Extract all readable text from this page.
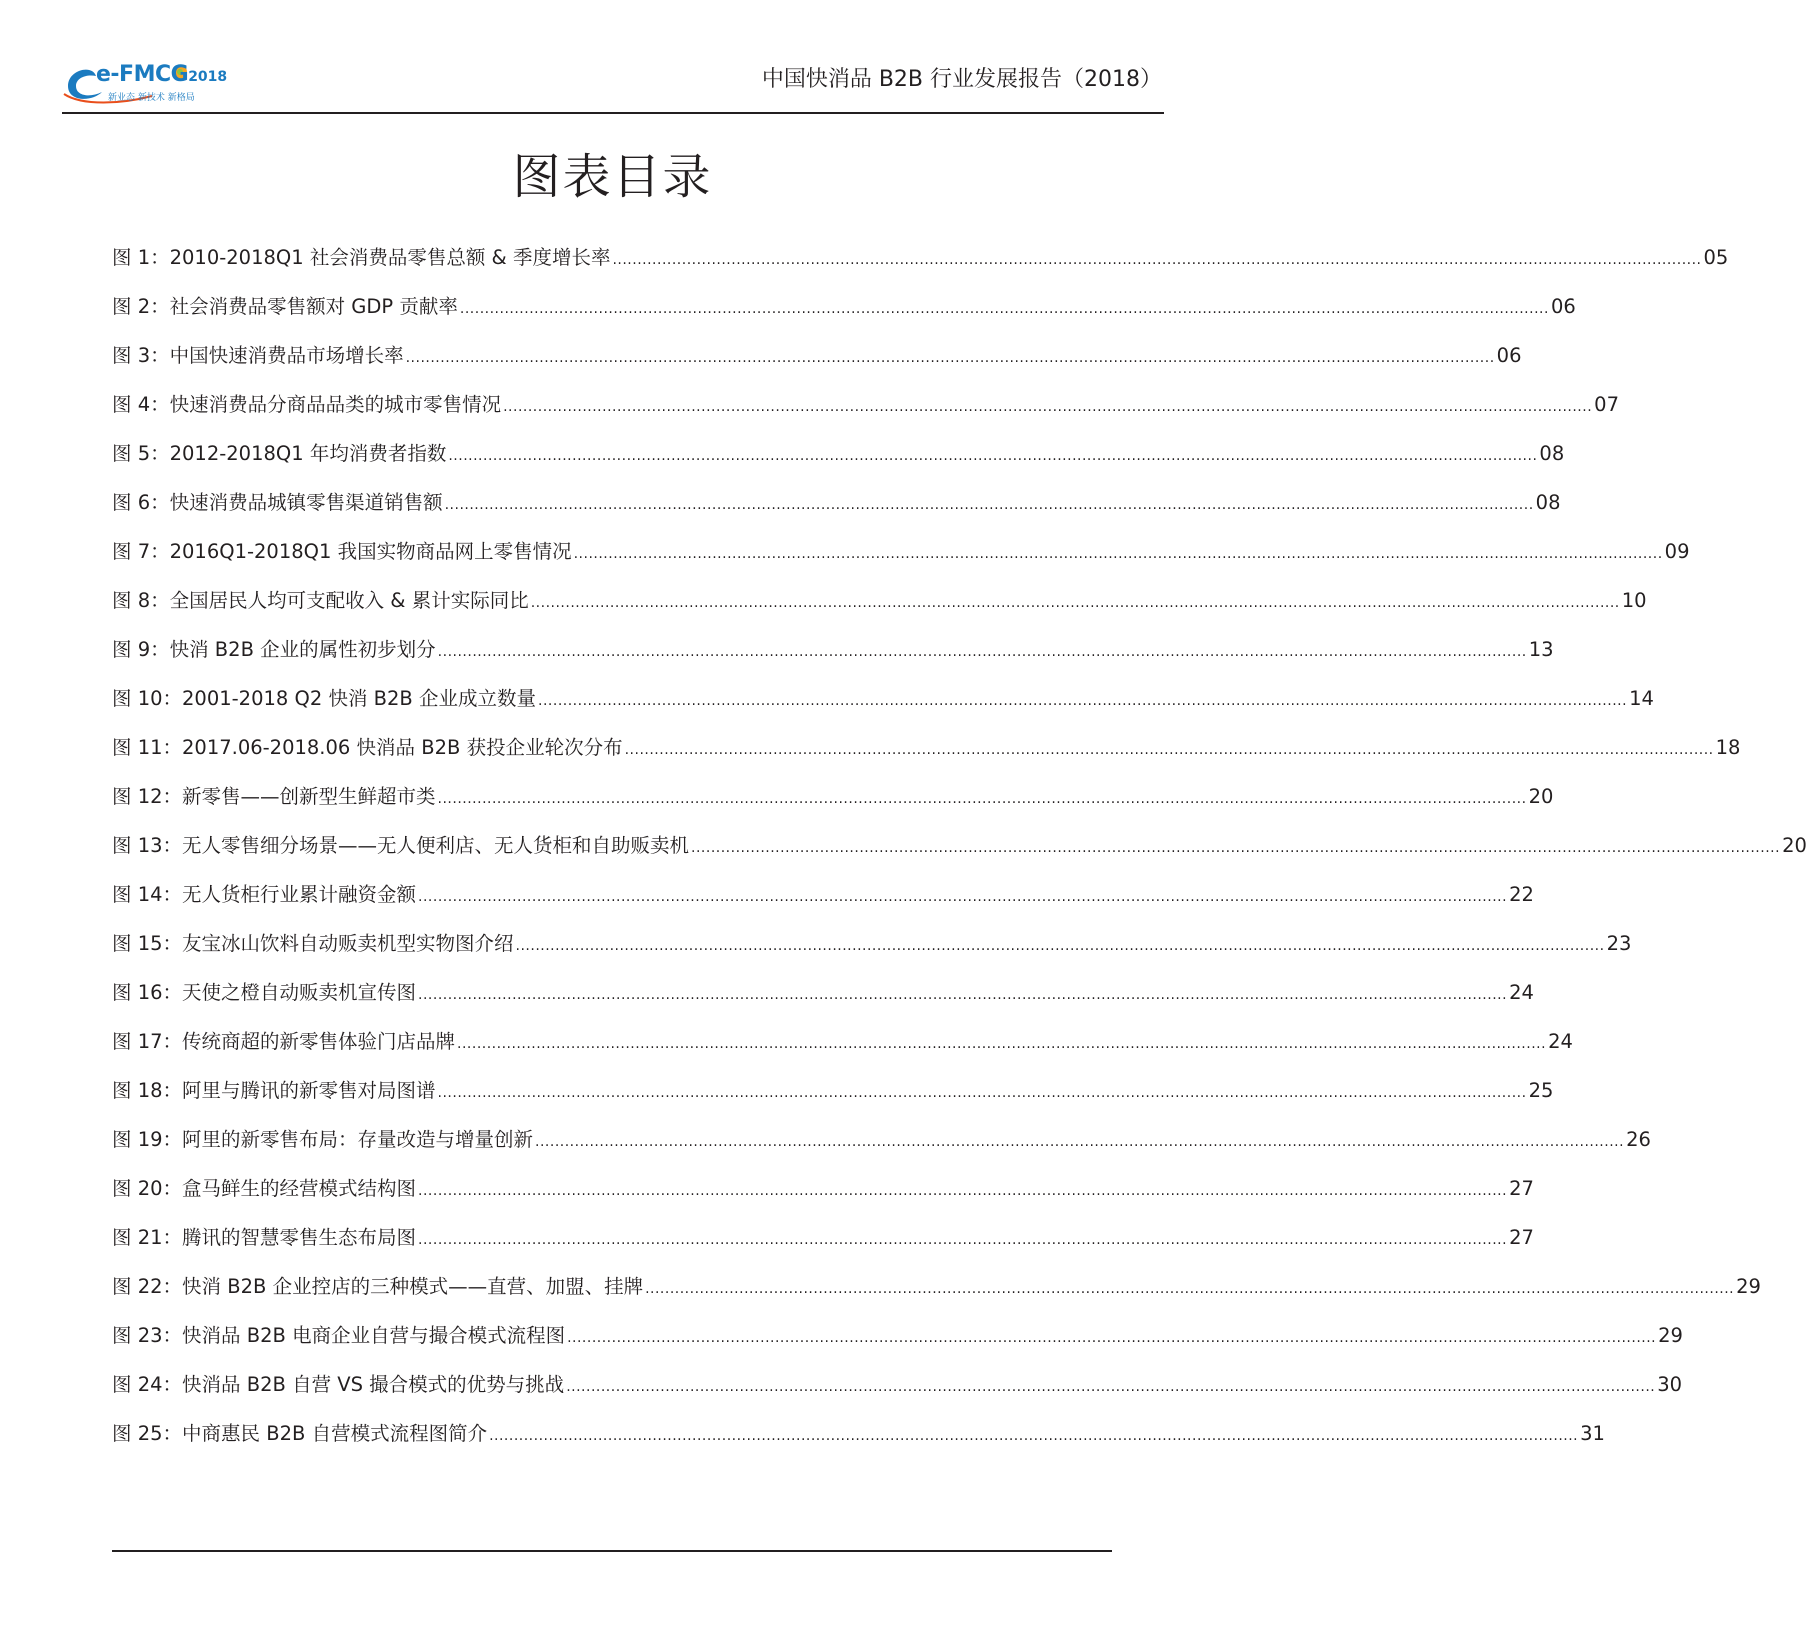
e-FMCG2018
新业态 新技术 新格局
中国快消品 B2B 行业发展报告（2018）
图表目录
图 1：2010-2018Q1 社会消费品零售总额 & 季度增长率 ............................................................................................................................................................................................................................ 05
图 2：社会消费品零售额对 GDP 贡献率 ............................................................................................................................................................................................................................ 06
图 3：中国快速消费品市场增长率 ............................................................................................................................................................................................................................ 06
图 4：快速消费品分商品品类的城市零售情况 ............................................................................................................................................................................................................................ 07
图 5：2012-2018Q1 年均消费者指数 ............................................................................................................................................................................................................................ 08
图 6：快速消费品城镇零售渠道销售额 ............................................................................................................................................................................................................................ 08
图 7：2016Q1-2018Q1 我国实物商品网上零售情况 ............................................................................................................................................................................................................................ 09
图 8：全国居民人均可支配收入 & 累计实际同比 ............................................................................................................................................................................................................................ 10
图 9：快消 B2B 企业的属性初步划分 ............................................................................................................................................................................................................................ 13
图 10：2001-2018 Q2 快消 B2B 企业成立数量 ............................................................................................................................................................................................................................ 14
图 11：2017.06-2018.06 快消品 B2B 获投企业轮次分布 ............................................................................................................................................................................................................................ 18
图 12：新零售——创新型生鲜超市类 ............................................................................................................................................................................................................................ 20
图 13：无人零售细分场景——无人便利店、无人货柜和自助贩卖机 ............................................................................................................................................................................................................................ 20
图 14：无人货柜行业累计融资金额 ............................................................................................................................................................................................................................ 22
图 15：友宝冰山饮料自动贩卖机型实物图介绍 ............................................................................................................................................................................................................................ 23
图 16：天使之橙自动贩卖机宣传图 ............................................................................................................................................................................................................................ 24
图 17：传统商超的新零售体验门店品牌 ............................................................................................................................................................................................................................ 24
图 18：阿里与腾讯的新零售对局图谱 ............................................................................................................................................................................................................................ 25
图 19：阿里的新零售布局：存量改造与增量创新 ............................................................................................................................................................................................................................ 26
图 20：盒马鲜生的经营模式结构图 ............................................................................................................................................................................................................................ 27
图 21：腾讯的智慧零售生态布局图 ............................................................................................................................................................................................................................ 27
图 22：快消 B2B 企业控店的三种模式——直营、加盟、挂牌 ............................................................................................................................................................................................................................ 29
图 23：快消品 B2B 电商企业自营与撮合模式流程图 ............................................................................................................................................................................................................................ 29
图 24：快消品 B2B 自营 VS 撮合模式的优势与挑战 ............................................................................................................................................................................................................................ 30
图 25：中商惠民 B2B 自营模式流程图简介 ............................................................................................................................................................................................................................ 31
